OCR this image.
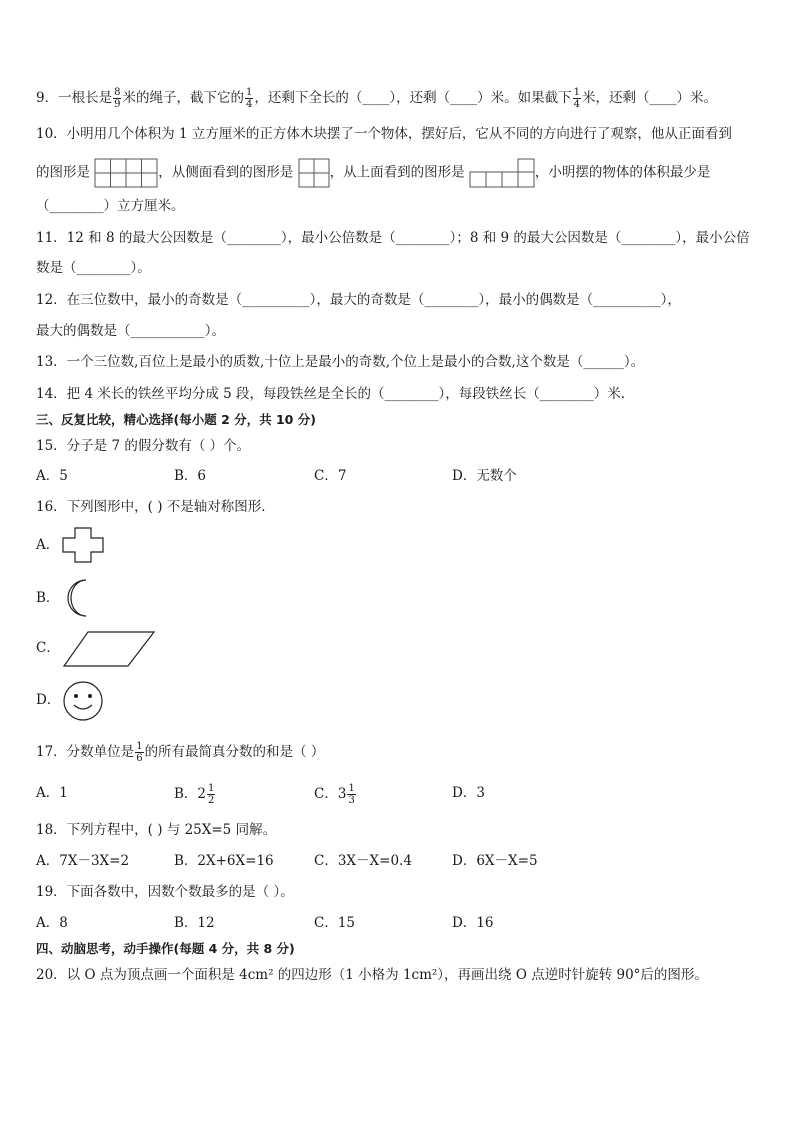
9．一根长是 $\frac{8}{9}$ 米的绳子，截下它的 $\frac{1}{4}$ ，还剩下全长的（____），还剩（____）米。如果截下 $\frac{1}{4}$ 米，还剩（____）米。
10．小明用几个体积为 1 立方厘米的正方体木块摆了一个物体，摆好后，它从不同的方向进行了观察，他从正面看到
的图形是	，从侧面看到的图形是	，从上面看到的图形是	，小明摆的物体的体积最少是
（________）立方厘米。
11．12 和 8 的最大公因数是（________），最小公倍数是（________）；8 和 9 的最大公因数是（________），最小公倍
数是（________）。
12．在三位数中，最小的奇数是（__________），最大的奇数是（________），最小的偶数是（__________），
最大的偶数是（___________）。
13．一个三位数,百位上是最小的质数,十位上是最小的奇数,个位上是最小的合数,这个数是（______）。
14．把 4 米长的铁丝平均分成 5 段，每段铁丝是全长的（________），每段铁丝长（________）米.
三、反复比较，精心选择(每小题 2 分，共 10 分)
15．分子是 7 的假分数有（ ）个。
A．5	B．6	C．7	D．无数个
16．下列图形中，( ) 不是轴对称图形．
A．
B．
C．
D．
17．分数单位是 $\frac{1}{6}$ 的所有最简真分数的和是（ ）
A．1	B．$2 \frac{1}{2}$	C．$3 \frac{1}{3}$	D．3
18．下列方程中，( ) 与 25X=5 同解。
A．7X－3X=2	B．2X+6X=16	C．3X－X=0.4	D．6X－X=5
19．下面各数中，因数个数最多的是（ ）。
A．8	B．12	C．15	D．16
四、动脑思考，动手操作(每题 4 分，共 8 分)
20．以 O 点为顶点画一个面积是 4cm² 的四边形（1 小格为 1cm²），再画出绕 O 点逆时针旋转 90°后的图形。
